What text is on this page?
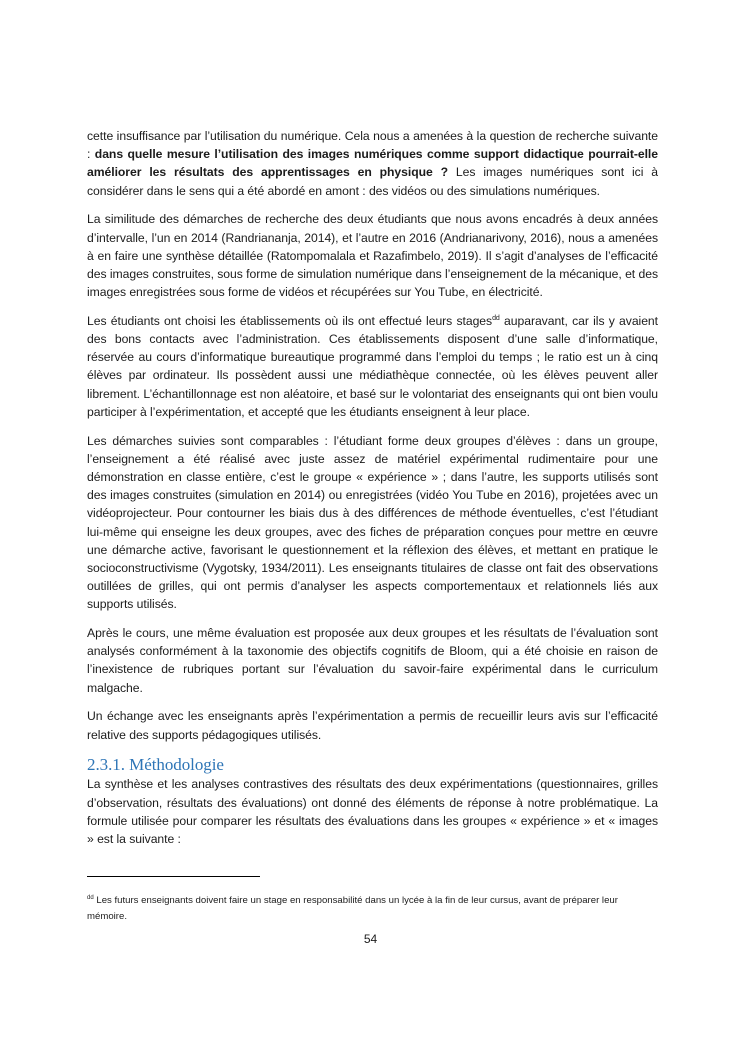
cette insuffisance par l’utilisation du numérique. Cela nous a amenées à la question de recherche suivante : dans quelle mesure l’utilisation des images numériques comme support didactique pourrait-elle améliorer les résultats des apprentissages en physique ? Les images numériques sont ici à considérer dans le sens qui a été abordé en amont : des vidéos ou des simulations numériques.

La similitude des démarches de recherche des deux étudiants que nous avons encadrés à deux années d’intervalle, l’un en 2014 (Randriananja, 2014), et l’autre en 2016 (Andrianarivony, 2016), nous a amenées à en faire une synthèse détaillée (Ratompomalala et Razafimbelo, 2019). Il s’agit d’analyses de l’efficacité des images construites, sous forme de simulation numérique dans l’enseignement de la mécanique, et des images enregistrées sous forme de vidéos et récupérées sur You Tube, en électricité.

Les étudiants ont choisi les établissements où ils ont effectué leurs stages$^{dd}$ auparavant, car ils y avaient des bons contacts avec l’administration. Ces établissements disposent d’une salle d’informatique, réservée au cours d’informatique bureautique programmé dans l’emploi du temps ; le ratio est un à cinq élèves par ordinateur. Ils possèdent aussi une médiathèque connectée, où les élèves peuvent aller librement. L’échantillonnage est non aléatoire, et basé sur le volontariat des enseignants qui ont bien voulu participer à l’expérimentation, et accepté que les étudiants enseignent à leur place.

Les démarches suivies sont comparables : l’étudiant forme deux groupes d’élèves : dans un groupe, l’enseignement a été réalisé avec juste assez de matériel expérimental rudimentaire pour une démonstration en classe entière, c’est le groupe « expérience » ; dans l’autre, les supports utilisés sont des images construites (simulation en 2014) ou enregistrées (vidéo You Tube en 2016), projetées avec un vidéoprojecteur. Pour contourner les biais dus à des différences de méthode éventuelles, c’est l’étudiant lui-même qui enseigne les deux groupes, avec des fiches de préparation conçues pour mettre en œuvre une démarche active, favorisant le questionnement et la réflexion des élèves, et mettant en pratique le socioconstructivisme (Vygotsky, 1934/2011). Les enseignants titulaires de classe ont fait des observations outillées de grilles, qui ont permis d’analyser les aspects comportementaux et relationnels liés aux supports utilisés.

Après le cours, une même évaluation est proposée aux deux groupes et les résultats de l’évaluation sont analysés conformément à la taxonomie des objectifs cognitifs de Bloom, qui a été choisie en raison de l’inexistence de rubriques portant sur l’évaluation du savoir-faire expérimental dans le curriculum malgache.

Un échange avec les enseignants après l’expérimentation a permis de recueillir leurs avis sur l’efficacité relative des supports pédagogiques utilisés.

2.3.1. Méthodologie

La synthèse et les analyses contrastives des résultats des deux expérimentations (questionnaires, grilles d’observation, résultats des évaluations) ont donné des éléments de réponse à notre problématique. La formule utilisée pour comparer les résultats des évaluations dans les groupes « expérience » et « images » est la suivante :

$^{dd}$ Les futurs enseignants doivent faire un stage en responsabilité dans un lycée à la fin de leur cursus, avant de préparer leur mémoire.
54
